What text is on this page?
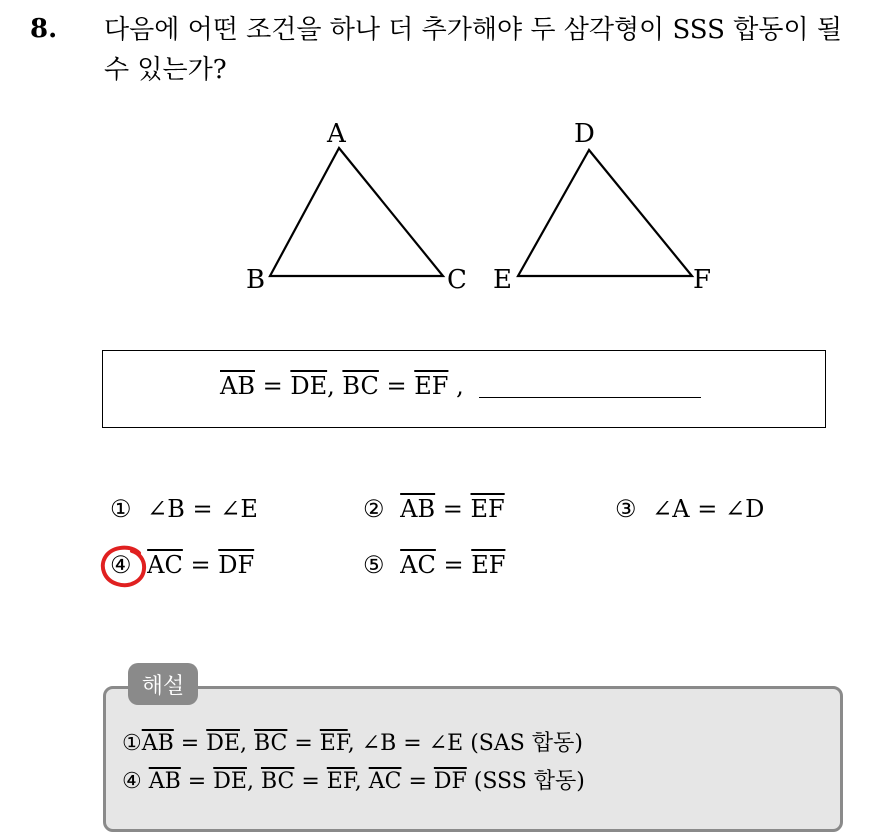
8. 다음에 어떤 조건을 하나 더 추가해야 두 삼각형이 SSS 합동이 될 수 있는가?
A
B	C
D
E	F
$\overline{AB} = \overline{DE}$, $\overline{BC} = \overline{EF}$ ,
① ∠B = ∠E	② $\overline{AB} = \overline{EF}$	③ ∠A = ∠D
④ $\overline{AC} = \overline{DF}$	⑤ $\overline{AC} = \overline{EF}$
해설
$①\overline{AB} = \overline{DE}$, $\overline{BC} = \overline{EF}$, ∠B = ∠E (SAS 합동)
④ $\overline{AB} = \overline{DE}$, $\overline{BC} = \overline{EF}$, $\overline{AC} = \overline{DF}$ (SSS 합동)
